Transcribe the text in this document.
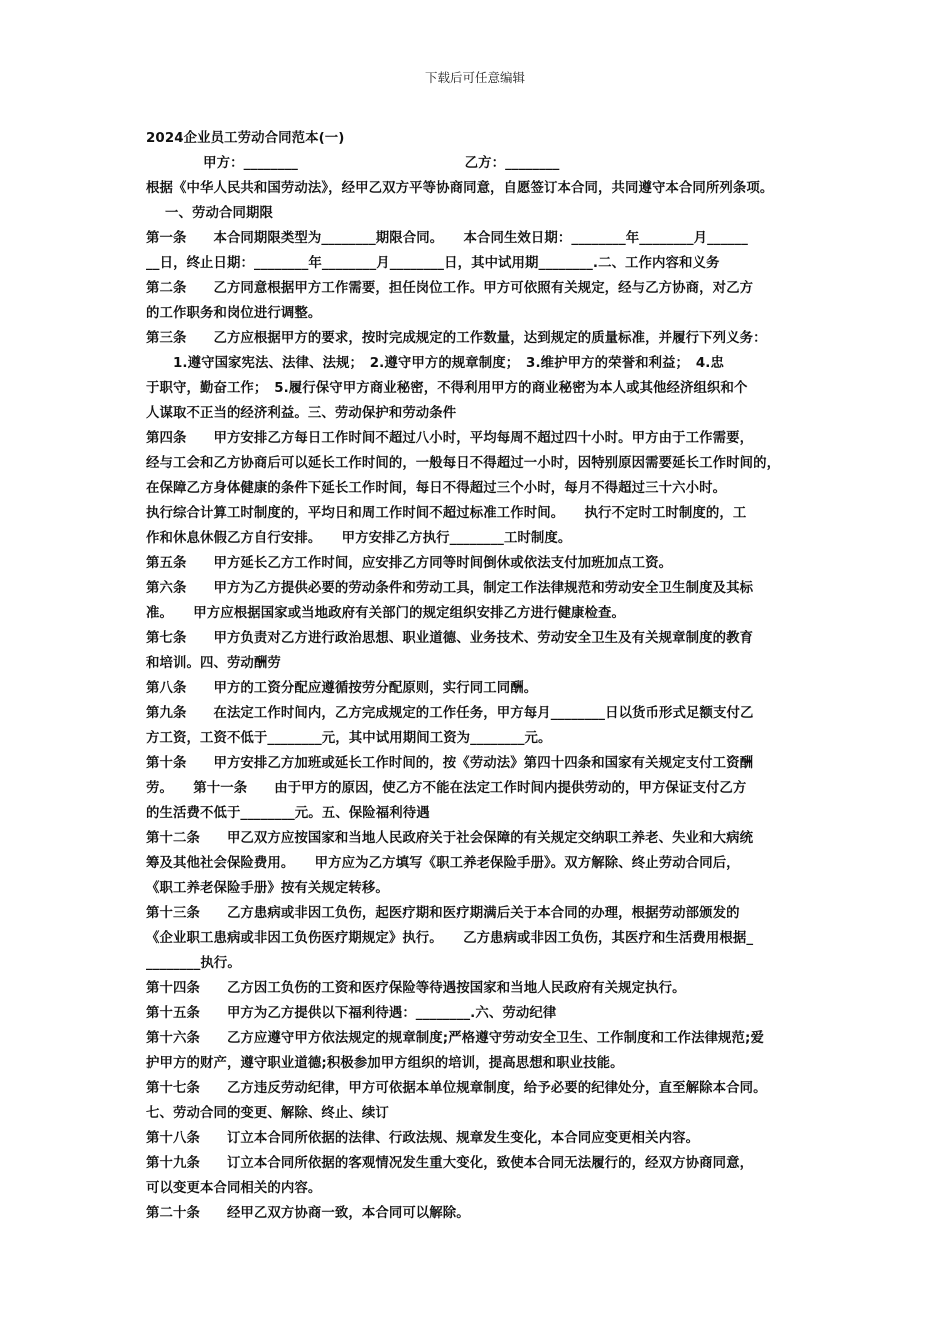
下载后可任意编辑
2024企业员工劳动合同范本(一)
甲方：________                                   乙方：________
根据《中华人民共和国劳动法》，经甲乙双方平等协商同意，自愿签订本合同，共同遵守本合同所列条项。
一、劳动合同期限
第一条　　本合同期限类型为________期限合同。　　本合同生效日期：________年________月______
__日，终止日期：________年________月________日，其中试用期________.二、工作内容和义务
第二条　　乙方同意根据甲方工作需要，担任岗位工作。甲方可依照有关规定，经与乙方协商，对乙方
的工作职务和岗位进行调整。
第三条　　乙方应根据甲方的要求，按时完成规定的工作数量，达到规定的质量标准，并履行下列义务：
　　1.遵守国家宪法、法律、法规；　2.遵守甲方的规章制度；　3.维护甲方的荣誉和利益；　4.忠
于职守，勤奋工作；　5.履行保守甲方商业秘密，不得利用甲方的商业秘密为本人或其他经济组织和个
人谋取不正当的经济利益。三、劳动保护和劳动条件
第四条　　甲方安排乙方每日工作时间不超过八小时，平均每周不超过四十小时。甲方由于工作需要，
经与工会和乙方协商后可以延长工作时间的，一般每日不得超过一小时，因特别原因需要延长工作时间的，
在保障乙方身体健康的条件下延长工作时间，每日不得超过三个小时，每月不得超过三十六小时。
执行综合计算工时制度的，平均日和周工作时间不超过标准工作时间。　　执行不定时工时制度的，工
作和休息休假乙方自行安排。　　甲方安排乙方执行________工时制度。
第五条　　甲方延长乙方工作时间，应安排乙方同等时间倒休或依法支付加班加点工资。
第六条　　甲方为乙方提供必要的劳动条件和劳动工具，制定工作法律规范和劳动安全卫生制度及其标
准。　　甲方应根据国家或当地政府有关部门的规定组织安排乙方进行健康检查。
第七条　　甲方负责对乙方进行政治思想、职业道德、业务技术、劳动安全卫生及有关规章制度的教育
和培训。四、劳动酬劳
第八条　　甲方的工资分配应遵循按劳分配原则，实行同工同酬。
第九条　　在法定工作时间内，乙方完成规定的工作任务，甲方每月________日以货币形式足额支付乙
方工资，工资不低于________元，其中试用期间工资为________元。
第十条　　甲方安排乙方加班或延长工作时间的，按《劳动法》第四十四条和国家有关规定支付工资酬
劳。　　第十一条　　由于甲方的原因，使乙方不能在法定工作时间内提供劳动的，甲方保证支付乙方
的生活费不低于________元。五、保险福利待遇
第十二条　　甲乙双方应按国家和当地人民政府关于社会保障的有关规定交纳职工养老、失业和大病统
筹及其他社会保险费用。　　甲方应为乙方填写《职工养老保险手册》。双方解除、终止劳动合同后，
《职工养老保险手册》按有关规定转移。
第十三条　　乙方患病或非因工负伤，起医疗期和医疗期满后关于本合同的办理，根据劳动部颁发的
《企业职工患病或非因工负伤医疗期规定》执行。　　乙方患病或非因工负伤，其医疗和生活费用根据_
________执行。
第十四条　　乙方因工负伤的工资和医疗保险等待遇按国家和当地人民政府有关规定执行。
第十五条　　甲方为乙方提供以下福利待遇：________.六、劳动纪律
第十六条　　乙方应遵守甲方依法规定的规章制度;严格遵守劳动安全卫生、工作制度和工作法律规范;爱
护甲方的财产，遵守职业道德;积极参加甲方组织的培训，提高思想和职业技能。
第十七条　　乙方违反劳动纪律，甲方可依据本单位规章制度，给予必要的纪律处分，直至解除本合同。
七、劳动合同的变更、解除、终止、续订
第十八条　　订立本合同所依据的法律、行政法规、规章发生变化，本合同应变更相关内容。
第十九条　　订立本合同所依据的客观情况发生重大变化，致使本合同无法履行的，经双方协商同意，
可以变更本合同相关的内容。
第二十条　　经甲乙双方协商一致，本合同可以解除。
